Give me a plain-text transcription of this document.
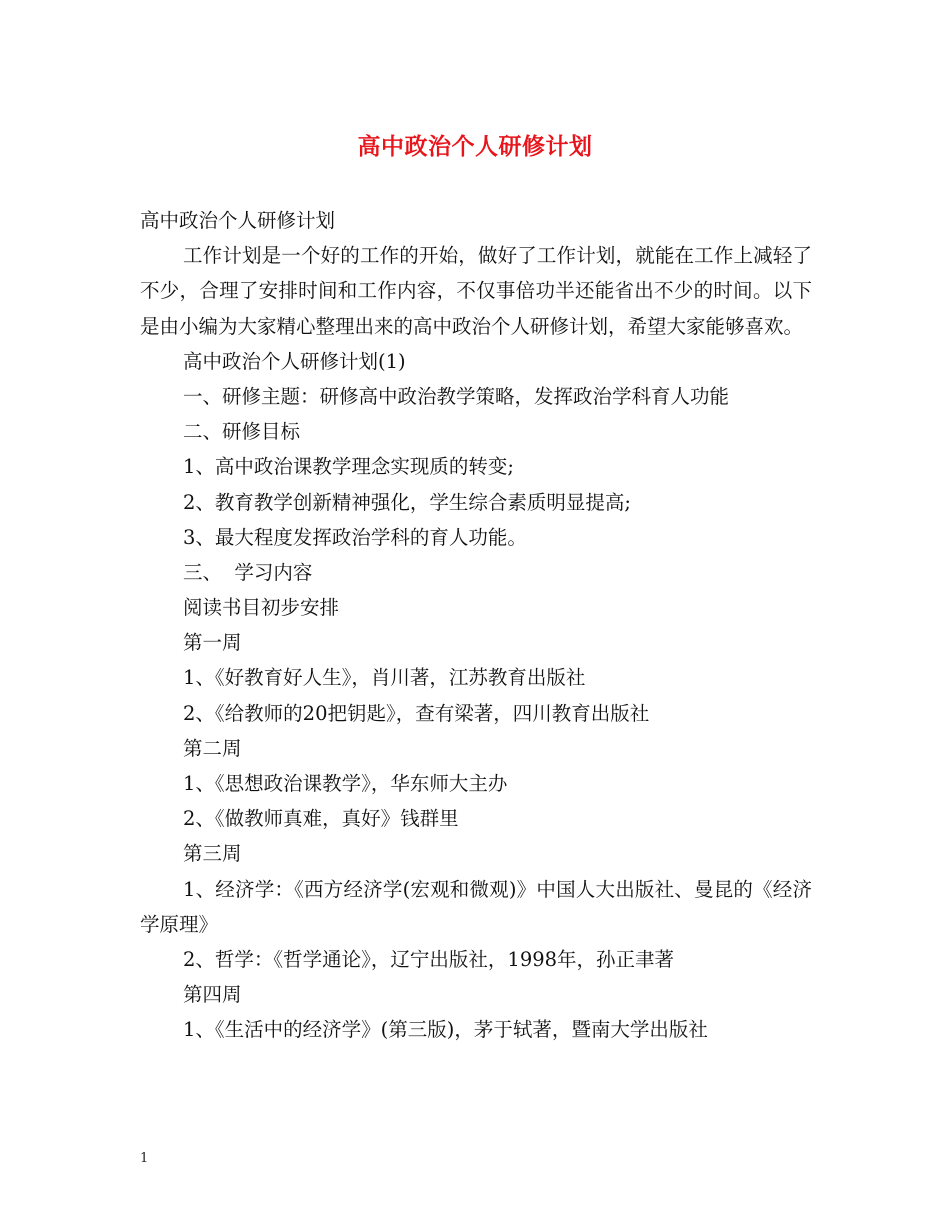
高中政治个人研修计划

高中政治个人研修计划

工作计划是一个好的工作的开始，做好了工作计划，就能在工作上减轻了不少，合理了安排时间和工作内容，不仅事倍功半还能省出不少的时间。以下是由小编为大家精心整理出来的高中政治个人研修计划，希望大家能够喜欢。

高中政治个人研修计划(1)

一、研修主题：研修高中政治教学策略，发挥政治学科育人功能

二、研修目标

1、高中政治课教学理念实现质的转变;

2、教育教学创新精神强化，学生综合素质明显提高;

3、最大程度发挥政治学科的育人功能。

三、  学习内容

阅读书目初步安排

第一周

1、《好教育好人生》，肖川著，江苏教育出版社

2、《给教师的20把钥匙》，查有梁著，四川教育出版社

第二周

1、《思想政治课教学》，华东师大主办

2、《做教师真难，真好》钱群里

第三周

1、经济学：《西方经济学(宏观和微观)》中国人大出版社、曼昆的《经济学原理》

2、哲学：《哲学通论》，辽宁出版社，1998年，孙正聿著

第四周

1、《生活中的经济学》(第三版)，茅于轼著，暨南大学出版社

1
